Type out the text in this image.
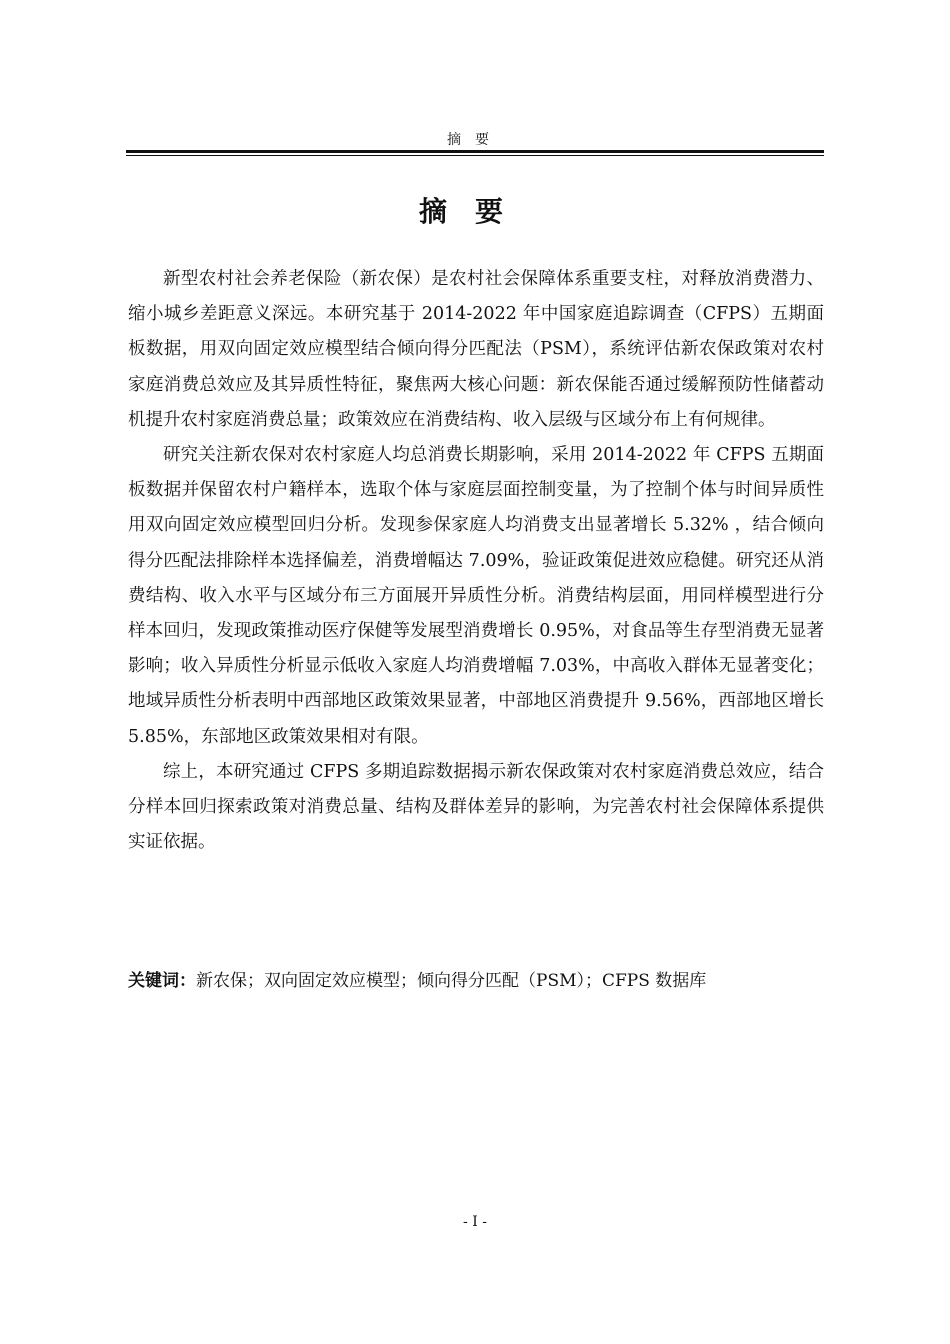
摘要
摘要

新型农村社会养老保险（新农保）是农村社会保障体系重要支柱，对释放消费潜力、缩小城乡差距意义深远。本研究基于 2014-2022 年中国家庭追踪调查（CFPS）五期面板数据，用双向固定效应模型结合倾向得分匹配法（PSM），系统评估新农保政策对农村家庭消费总效应及其异质性特征，聚焦两大核心问题：新农保能否通过缓解预防性储蓄动机提升农村家庭消费总量；政策效应在消费结构、收入层级与区域分布上有何规律。

研究关注新农保对农村家庭人均总消费长期影响，采用 2014-2022 年 CFPS 五期面板数据并保留农村户籍样本，选取个体与家庭层面控制变量，为了控制个体与时间异质性用双向固定效应模型回归分析。发现参保家庭人均消费支出显著增长 5.32% ，结合倾向得分匹配法排除样本选择偏差，消费增幅达 7.09%，验证政策促进效应稳健。研究还从消费结构、收入水平与区域分布三方面展开异质性分析。消费结构层面，用同样模型进行分样本回归，发现政策推动医疗保健等发展型消费增长 0.95%，对食品等生存型消费无显著影响；收入异质性分析显示低收入家庭人均消费增幅 7.03%，中高收入群体无显著变化；地域异质性分析表明中西部地区政策效果显著，中部地区消费提升 9.56%，西部地区增长 5.85%，东部地区政策效果相对有限。

综上，本研究通过 CFPS 多期追踪数据揭示新农保政策对农村家庭消费总效应，结合分样本回归探索政策对消费总量、结构及群体差异的影响，为完善农村社会保障体系提供实证依据。

关键词：新农保；双向固定效应模型；倾向得分匹配（PSM）；CFPS 数据库
- I -
